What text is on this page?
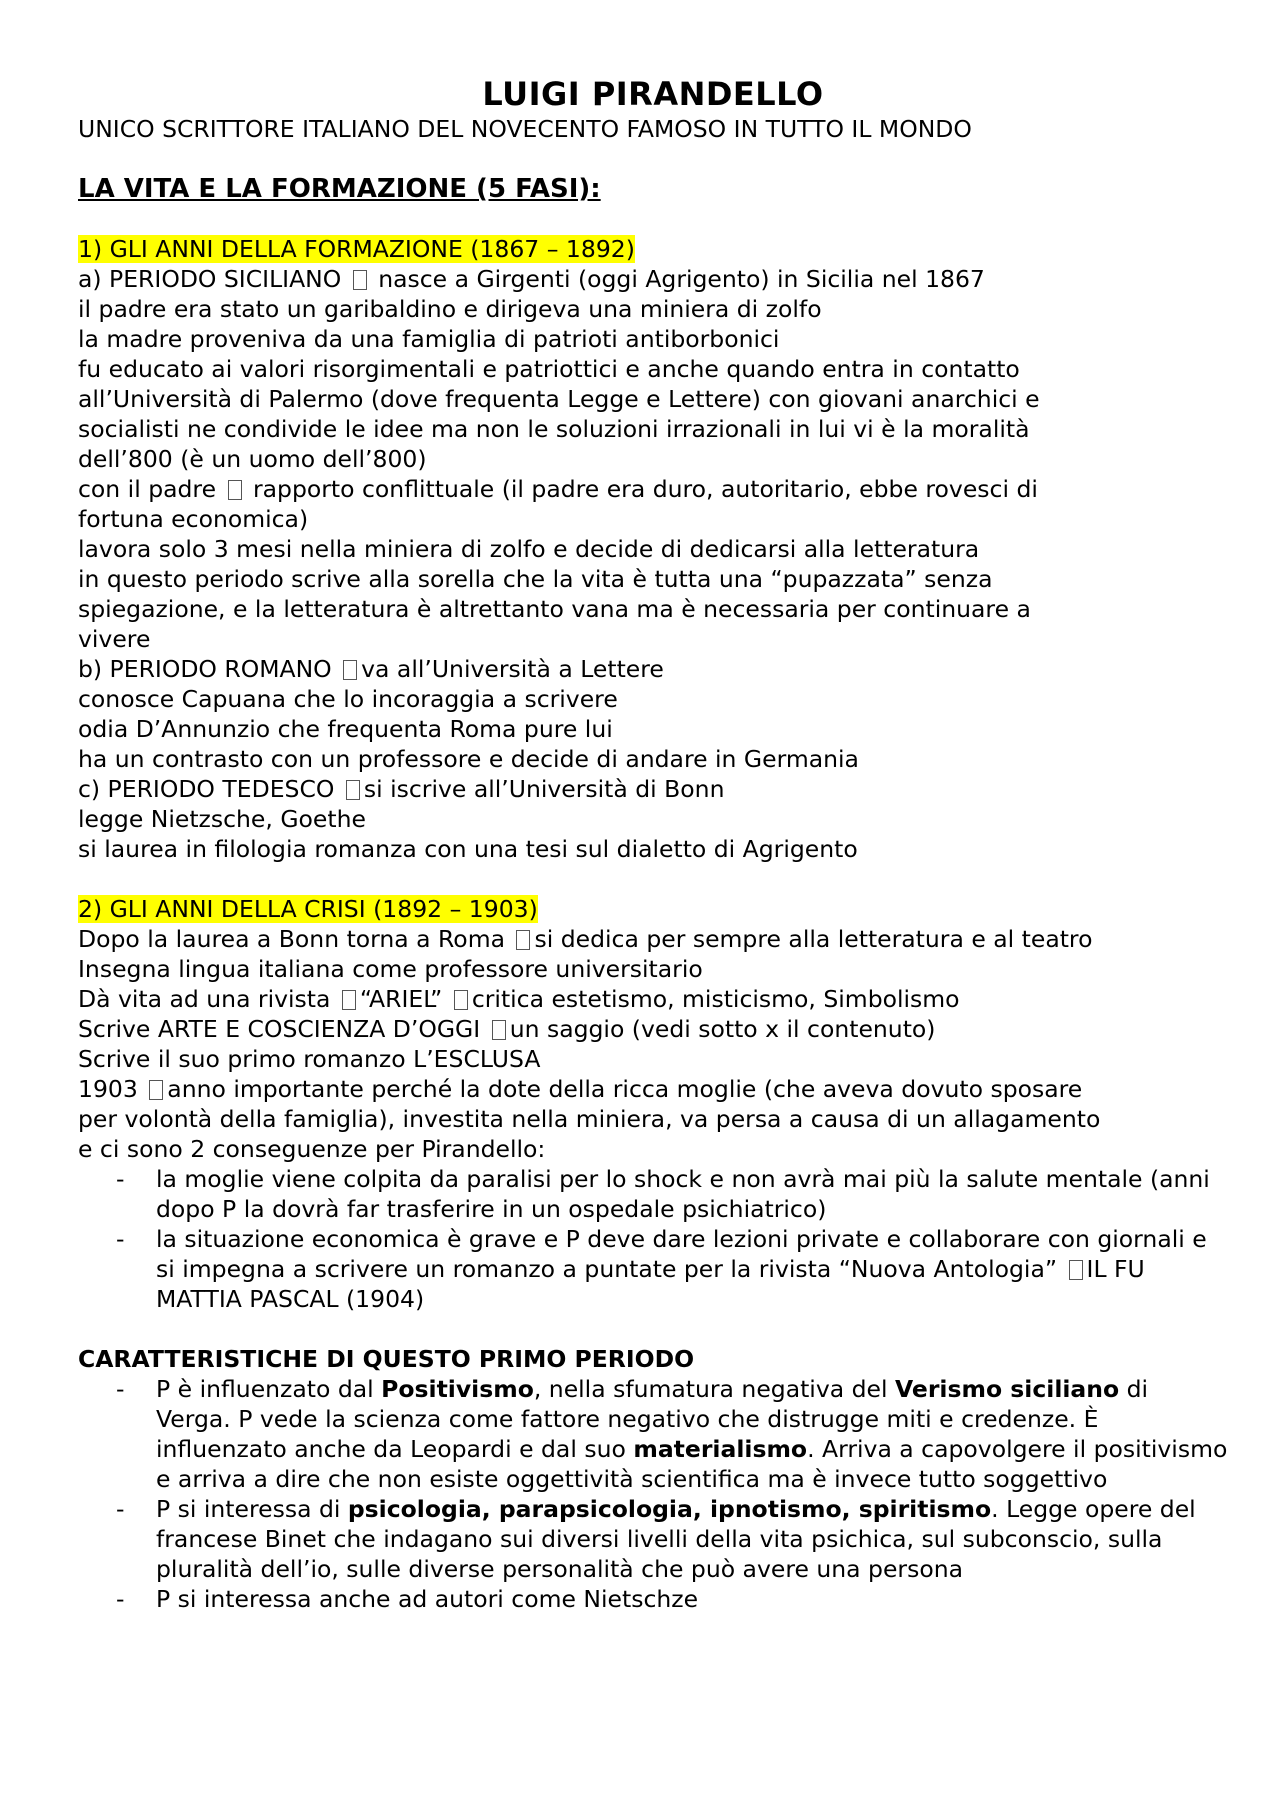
LUIGI PIRANDELLO

UNICO SCRITTORE ITALIANO DEL NOVECENTO FAMOSO IN TUTTO IL MONDO

LA VITA E LA FORMAZIONE (5 FASI):

1) GLI ANNI DELLA FORMAZIONE (1867 – 1892)

a) PERIODO SICILIANO nasce a Girgenti (oggi Agrigento) in Sicilia nel 1867

il padre era stato un garibaldino e dirigeva una miniera di zolfo

la madre proveniva da una famiglia di patrioti antiborbonici

fu educato ai valori risorgimentali e patriottici e anche quando entra in contatto

all’Università di Palermo (dove frequenta Legge e Lettere) con giovani anarchici e

socialisti ne condivide le idee ma non le soluzioni irrazionali in lui vi è la moralità

dell’800 (è un uomo dell’800)

con il padre rapporto conflittuale (il padre era duro, autoritario, ebbe rovesci di

fortuna economica)

lavora solo 3 mesi nella miniera di zolfo e decide di dedicarsi alla letteratura

in questo periodo scrive alla sorella che la vita è tutta una “pupazzata” senza

spiegazione, e la letteratura è altrettanto vana ma è necessaria per continuare a

vivere

b) PERIODO ROMANO va all’Università a Lettere

conosce Capuana che lo incoraggia a scrivere

odia D’Annunzio che frequenta Roma pure lui

ha un contrasto con un professore e decide di andare in Germania

c) PERIODO TEDESCO si iscrive all’Università di Bonn

legge Nietzsche, Goethe

si laurea in filologia romanza con una tesi sul dialetto di Agrigento

2) GLI ANNI DELLA CRISI (1892 – 1903)

Dopo la laurea a Bonn torna a Roma si dedica per sempre alla letteratura e al teatro

Insegna lingua italiana come professore universitario

Dà vita ad una rivista “ARIEL” critica estetismo, misticismo, Simbolismo

Scrive ARTE E COSCIENZA D’OGGI un saggio (vedi sotto x il contenuto)

Scrive il suo primo romanzo L’ESCLUSA

1903 anno importante perché la dote della ricca moglie (che aveva dovuto sposare

per volontà della famiglia), investita nella miniera, va persa a causa di un allagamento

e ci sono 2 conseguenze per Pirandello:

- la moglie viene colpita da paralisi per lo shock e non avrà mai più la salute mentale (anni dopo P la dovrà far trasferire in un ospedale psichiatrico)
- la situazione economica è grave e P deve dare lezioni private e collaborare con giornali e si impegna a scrivere un romanzo a puntate per la rivista “Nuova Antologia” IL FU MATTIA PASCAL (1904)

CARATTERISTICHE DI QUESTO PRIMO PERIODO

- P è influenzato dal Positivismo, nella sfumatura negativa del Verismo siciliano di Verga. P vede la scienza come fattore negativo che distrugge miti e credenze. È influenzato anche da Leopardi e dal suo materialismo. Arriva a capovolgere il positivismo e arriva a dire che non esiste oggettività scientifica ma è invece tutto soggettivo
- P si interessa di psicologia, parapsicologia, ipnotismo, spiritismo. Legge opere del francese Binet che indagano sui diversi livelli della vita psichica, sul subconscio, sulla pluralità dell’io, sulle diverse personalità che può avere una persona
- P si interessa anche ad autori come Nietschze
